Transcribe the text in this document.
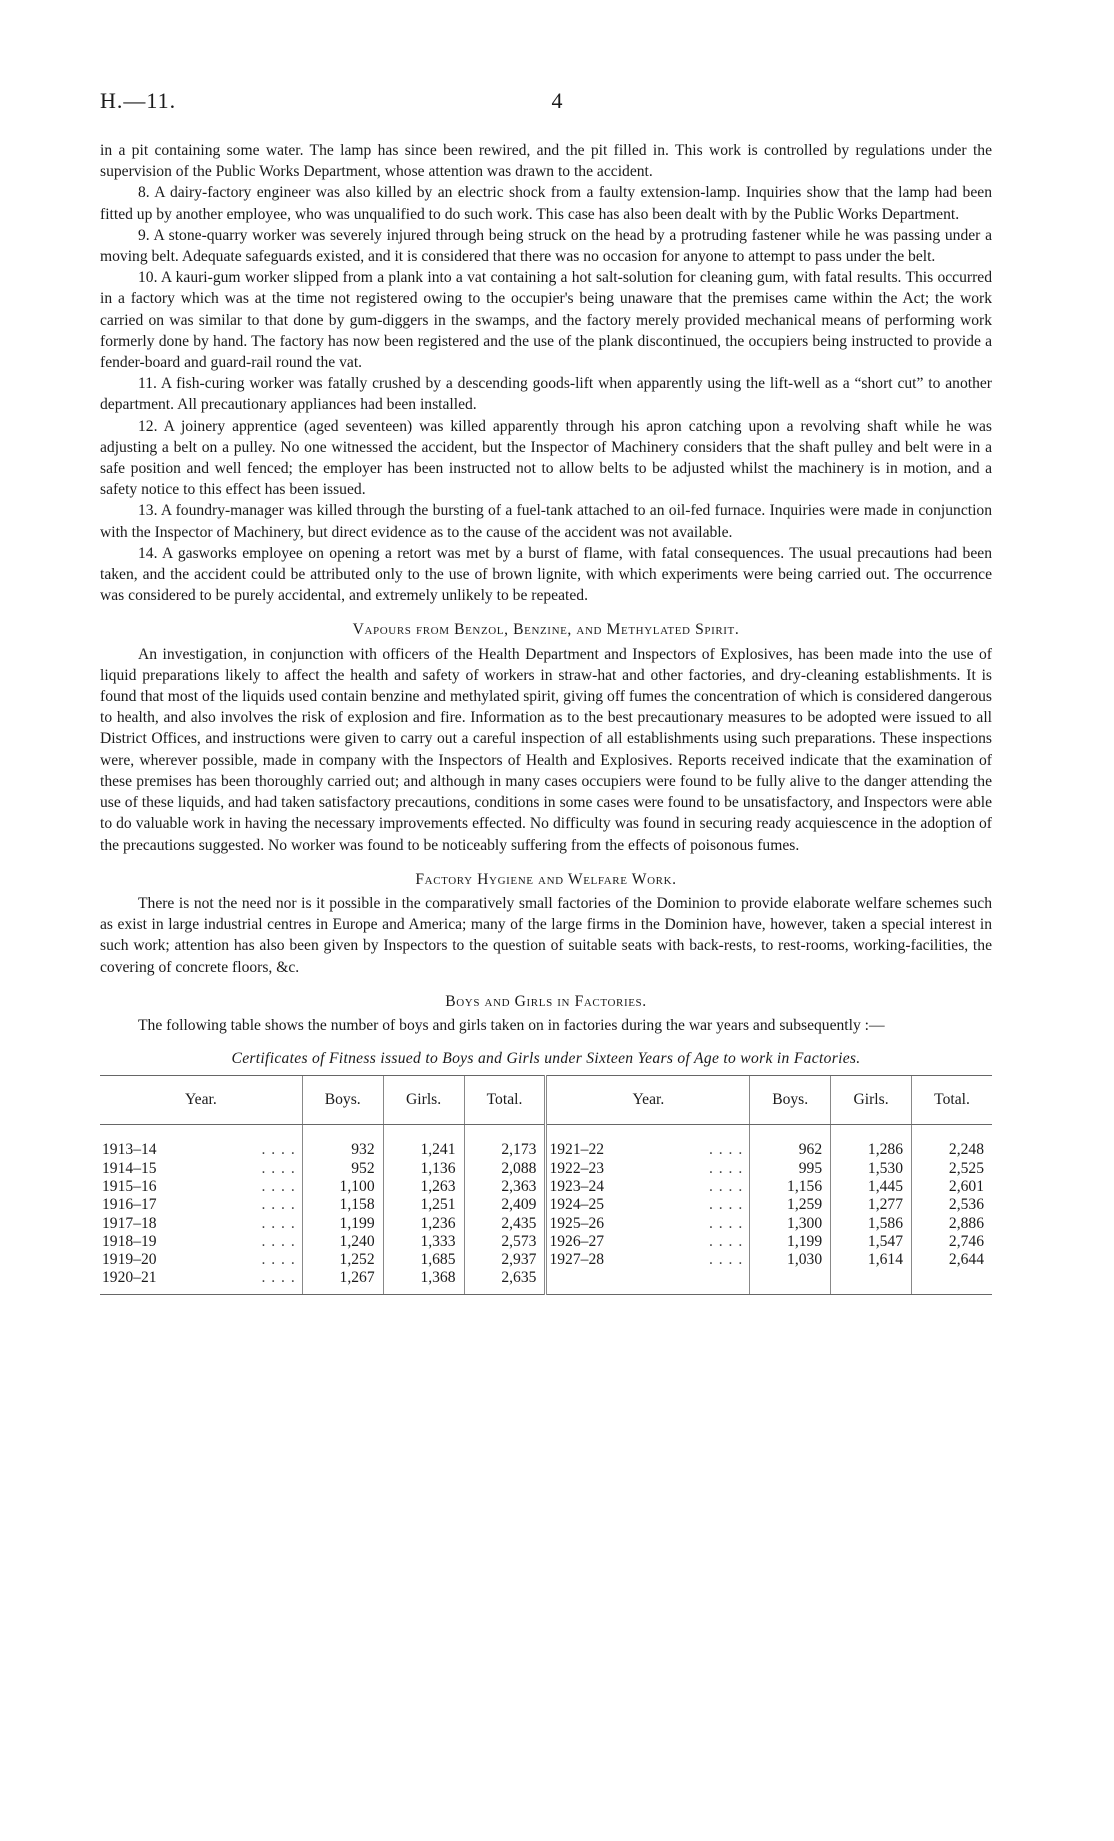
H.—11.	4

in a pit containing some water. The lamp has since been rewired, and the pit filled in. This work is controlled by regulations under the supervision of the Public Works Department, whose attention was drawn to the accident.

8. A dairy-factory engineer was also killed by an electric shock from a faulty extension-lamp. Inquiries show that the lamp had been fitted up by another employee, who was unqualified to do such work. This case has also been dealt with by the Public Works Department.

9. A stone-quarry worker was severely injured through being struck on the head by a protruding fastener while he was passing under a moving belt. Adequate safeguards existed, and it is considered that there was no occasion for anyone to attempt to pass under the belt.

10. A kauri-gum worker slipped from a plank into a vat containing a hot salt-solution for cleaning gum, with fatal results. This occurred in a factory which was at the time not registered owing to the occupier's being unaware that the premises came within the Act; the work carried on was similar to that done by gum-diggers in the swamps, and the factory merely provided mechanical means of performing work formerly done by hand. The factory has now been registered and the use of the plank discontinued, the occupiers being instructed to provide a fender-board and guard-rail round the vat.

11. A fish-curing worker was fatally crushed by a descending goods-lift when apparently using the lift-well as a “short cut” to another department. All precautionary appliances had been installed.

12. A joinery apprentice (aged seventeen) was killed apparently through his apron catching upon a revolving shaft while he was adjusting a belt on a pulley. No one witnessed the accident, but the Inspector of Machinery considers that the shaft pulley and belt were in a safe position and well fenced; the employer has been instructed not to allow belts to be adjusted whilst the machinery is in motion, and a safety notice to this effect has been issued.

13. A foundry-manager was killed through the bursting of a fuel-tank attached to an oil-fed furnace. Inquiries were made in conjunction with the Inspector of Machinery, but direct evidence as to the cause of the accident was not available.

14. A gasworks employee on opening a retort was met by a burst of flame, with fatal consequences. The usual precautions had been taken, and the accident could be attributed only to the use of brown lignite, with which experiments were being carried out. The occurrence was considered to be purely accidental, and extremely unlikely to be repeated.

Vapours from Benzol, Benzine, and Methylated Spirit.

An investigation, in conjunction with officers of the Health Department and Inspectors of Explosives, has been made into the use of liquid preparations likely to affect the health and safety of workers in straw-hat and other factories, and dry-cleaning establishments. It is found that most of the liquids used contain benzine and methylated spirit, giving off fumes the concentration of which is considered dangerous to health, and also involves the risk of explosion and fire. Information as to the best precautionary measures to be adopted were issued to all District Offices, and instructions were given to carry out a careful inspection of all establishments using such preparations. These inspections were, wherever possible, made in company with the Inspectors of Health and Explosives. Reports received indicate that the examination of these premises has been thoroughly carried out; and although in many cases occupiers were found to be fully alive to the danger attending the use of these liquids, and had taken satisfactory precautions, conditions in some cases were found to be unsatisfactory, and Inspectors were able to do valuable work in having the necessary improvements effected. No difficulty was found in securing ready acquiescence in the adoption of the precautions suggested. No worker was found to be noticeably suffering from the effects of poisonous fumes.

Factory Hygiene and Welfare Work.

There is not the need nor is it possible in the comparatively small factories of the Dominion to provide elaborate welfare schemes such as exist in large industrial centres in Europe and America; many of the large firms in the Dominion have, however, taken a special interest in such work; attention has also been given by Inspectors to the question of suitable seats with back-rests, to rest-rooms, working-facilities, the covering of concrete floors, &c.

Boys and Girls in Factories.

The following table shows the number of boys and girls taken on in factories during the war years and subsequently :—

Certificates of Fitness issued to Boys and Girls under Sixteen Years of Age to work in Factories.
Year.		Boys.	Girls.	Total.	Year.		Boys.	Girls.	Total.

1913–14	. . . .	932	1,241	2,173	1921–22	. . . .	962	1,286	2,248
1914–15	. . . .	952	1,136	2,088	1922–23	. . . .	995	1,530	2,525
1915–16	. . . .	1,100	1,263	2,363	1923–24	. . . .	1,156	1,445	2,601
1916–17	. . . .	1,158	1,251	2,409	1924–25	. . . .	1,259	1,277	2,536
1917–18	. . . .	1,199	1,236	2,435	1925–26	. . . .	1,300	1,586	2,886
1918–19	. . . .	1,240	1,333	2,573	1926–27	. . . .	1,199	1,547	2,746
1919–20	. . . .	1,252	1,685	2,937	1927–28	. . . .	1,030	1,614	2,644
1920–21	. . . .	1,267	1,368	2,635					
